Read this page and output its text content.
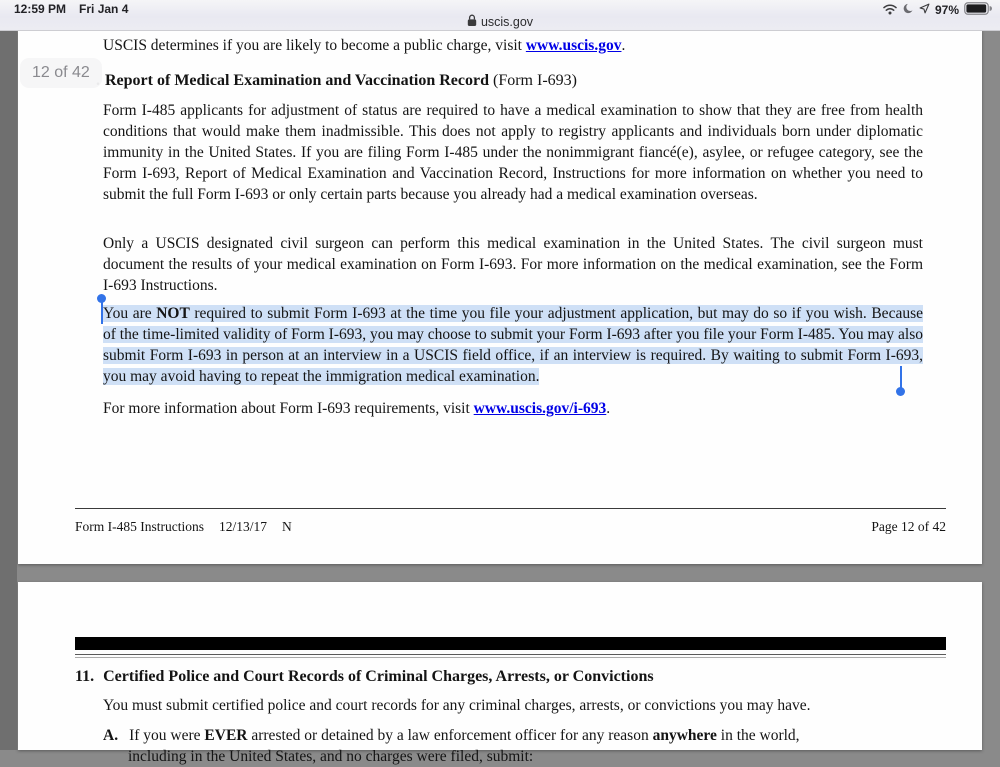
12:59 PM Fri Jan 4	97%
uscis.gov
USCIS determines if you are likely to become a public charge, visit www.uscis.gov.
12 of 42 Report of Medical Examination and Vaccination Record (Form I-693)
Form I-485 applicants for adjustment of status are required to have a medical examination to show that they are free from health conditions that would make them inadmissible. This does not apply to registry applicants and individuals born under diplomatic immunity in the United States. If you are filing Form I-485 under the nonimmigrant fiancé(e), asylee, or refugee category, see the Form I-693, Report of Medical Examination and Vaccination Record, Instructions for more information on whether you need to submit the full Form I-693 or only certain parts because you already had a medical examination overseas.
Only a USCIS designated civil surgeon can perform this medical examination in the United States. The civil surgeon must document the results of your medical examination on Form I-693. For more information on the medical examination, see the Form I-693 Instructions.
You are NOT required to submit Form I-693 at the time you file your adjustment application, but may do so if you wish. Because of the time-limited validity of Form I-693, you may choose to submit your Form I-693 after you file your Form I-485. You may also submit Form I-693 in person at an interview in a USCIS field office, if an interview is required. By waiting to submit Form I-693, you may avoid having to repeat the immigration medical examination.
For more information about Form I-693 requirements, visit www.uscis.gov/i-693.
Form I-485 Instructions 12/13/17 N	Page 12 of 42
11. Certified Police and Court Records of Criminal Charges, Arrests, or Convictions
You must submit certified police and court records for any criminal charges, arrests, or convictions you may have.
A. If you were EVER arrested or detained by a law enforcement officer for any reason anywhere in the world,
including in the United States, and no charges were filed, submit:
